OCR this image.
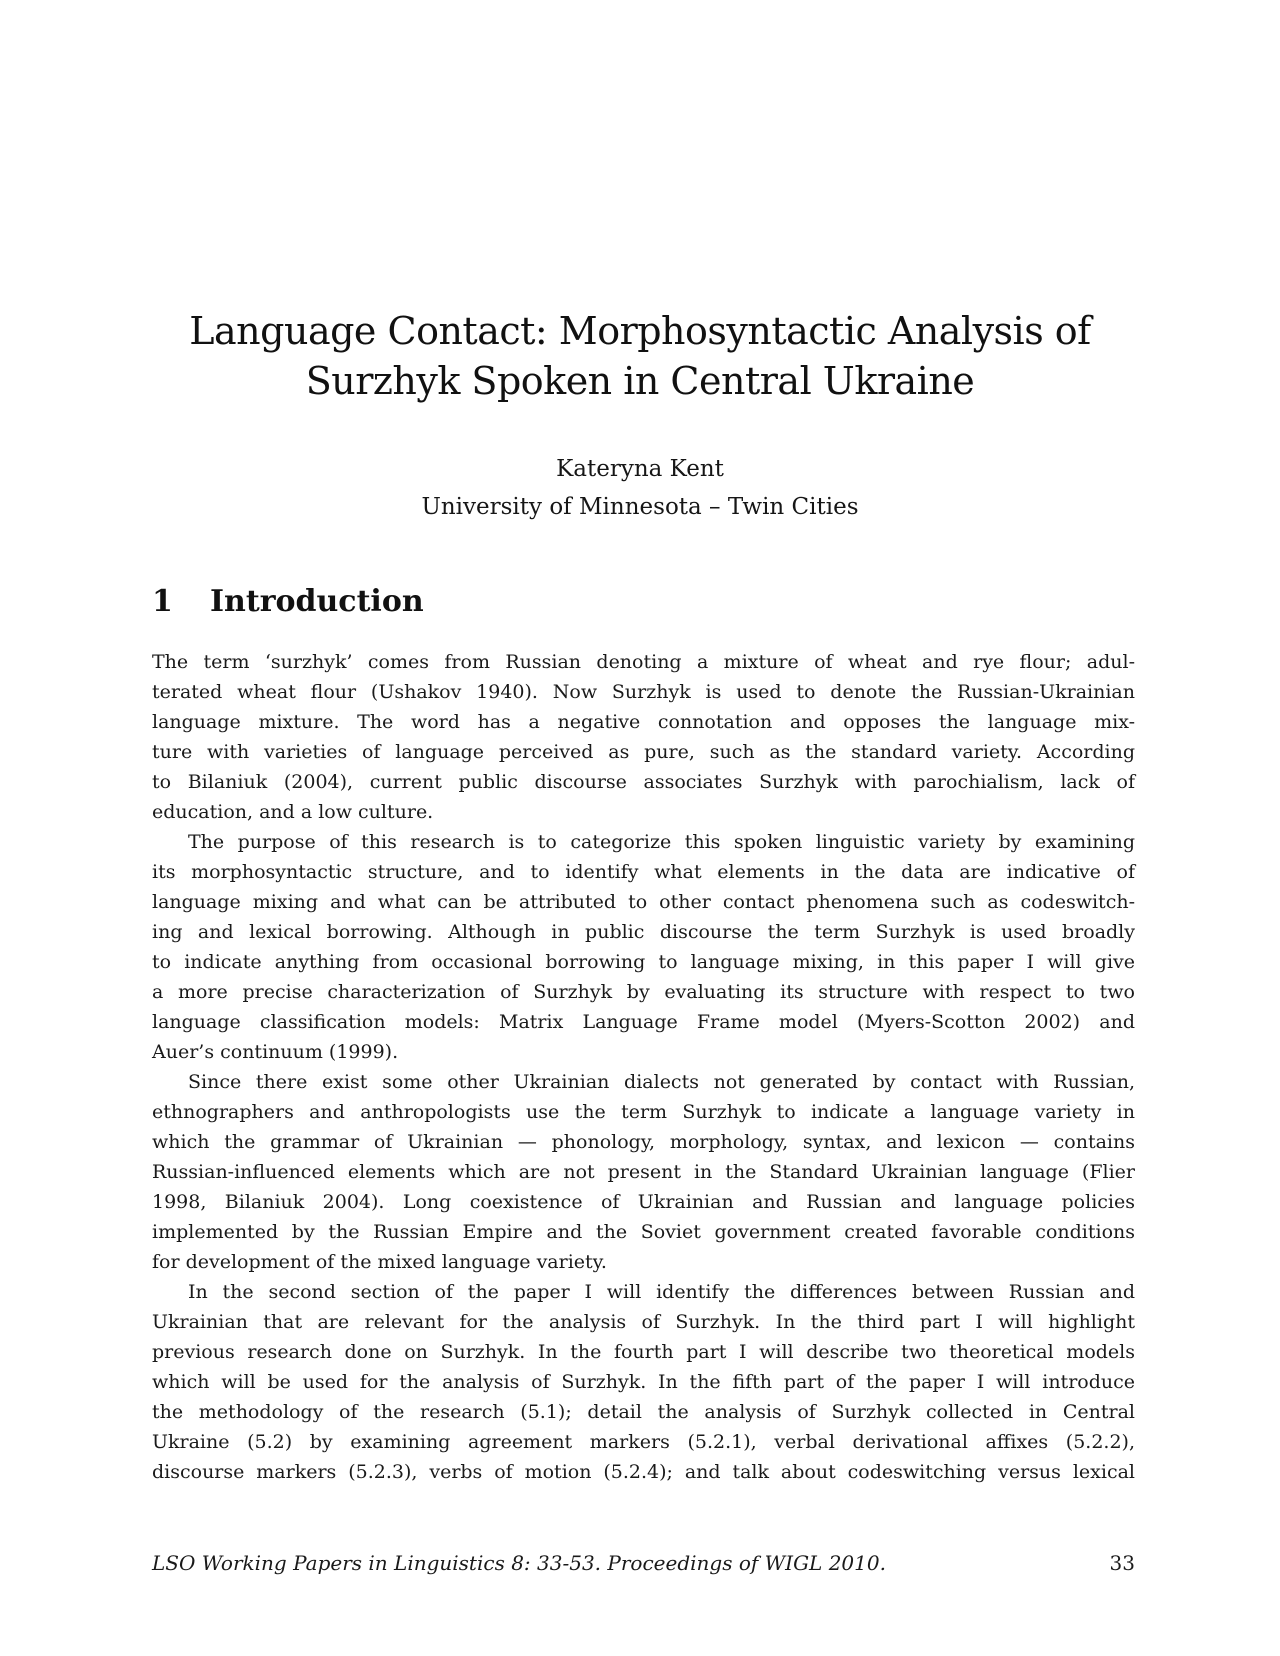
Language Contact: Morphosyntactic Analysis of
Surzhyk Spoken in Central Ukraine
Kateryna Kent
University of Minnesota – Twin Cities
1 Introduction
The term ‘surzhyk’ comes from Russian denoting a mixture of wheat and rye flour; adul-
terated wheat flour (Ushakov 1940). Now Surzhyk is used to denote the Russian-Ukrainian
language mixture. The word has a negative connotation and opposes the language mix-
ture with varieties of language perceived as pure, such as the standard variety. According
to Bilaniuk (2004), current public discourse associates Surzhyk with parochialism, lack of
education, and a low culture.
The purpose of this research is to categorize this spoken linguistic variety by examining
its morphosyntactic structure, and to identify what elements in the data are indicative of
language mixing and what can be attributed to other contact phenomena such as codeswitch-
ing and lexical borrowing. Although in public discourse the term Surzhyk is used broadly
to indicate anything from occasional borrowing to language mixing, in this paper I will give
a more precise characterization of Surzhyk by evaluating its structure with respect to two
language classification models: Matrix Language Frame model (Myers-Scotton 2002) and
Auer’s continuum (1999).
Since there exist some other Ukrainian dialects not generated by contact with Russian,
ethnographers and anthropologists use the term Surzhyk to indicate a language variety in
which the grammar of Ukrainian — phonology, morphology, syntax, and lexicon — contains
Russian-influenced elements which are not present in the Standard Ukrainian language (Flier
1998, Bilaniuk 2004). Long coexistence of Ukrainian and Russian and language policies
implemented by the Russian Empire and the Soviet government created favorable conditions
for development of the mixed language variety.
In the second section of the paper I will identify the differences between Russian and
Ukrainian that are relevant for the analysis of Surzhyk. In the third part I will highlight
previous research done on Surzhyk. In the fourth part I will describe two theoretical models
which will be used for the analysis of Surzhyk. In the fifth part of the paper I will introduce
the methodology of the research (5.1); detail the analysis of Surzhyk collected in Central
Ukraine (5.2) by examining agreement markers (5.2.1), verbal derivational affixes (5.2.2),
discourse markers (5.2.3), verbs of motion (5.2.4); and talk about codeswitching versus lexical
LSO Working Papers in Linguistics 8: 33-53. Proceedings of WIGL 2010.	33
